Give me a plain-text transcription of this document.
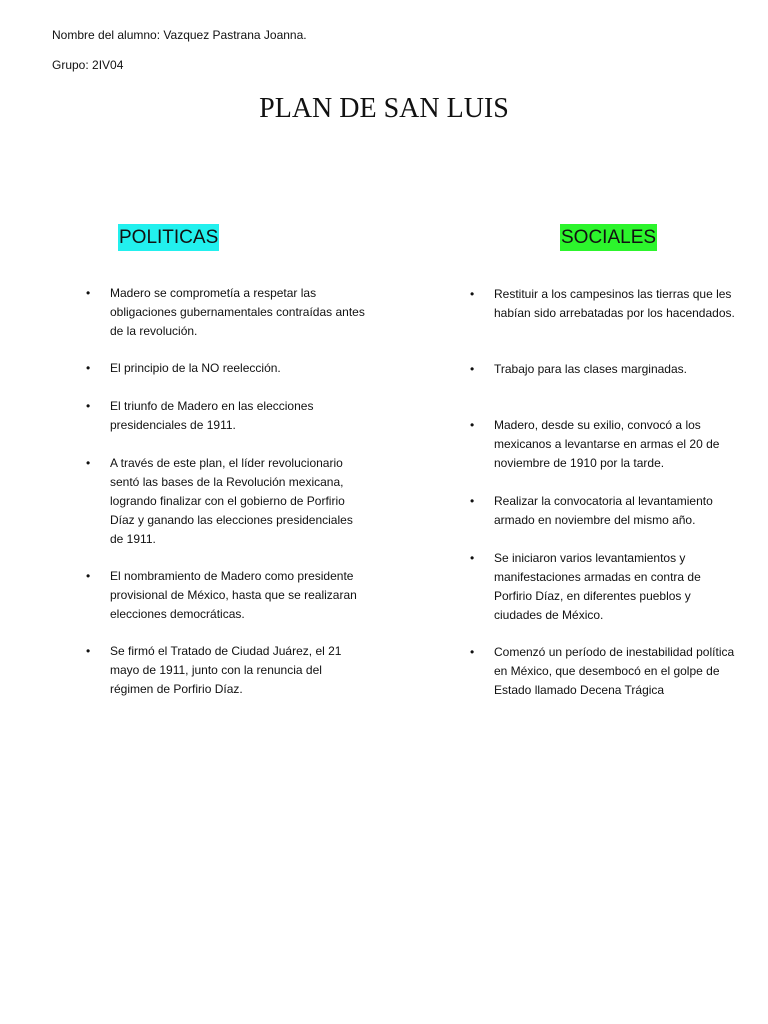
Nombre del alumno: Vazquez Pastrana Joanna.
Grupo: 2IV04
PLAN DE SAN LUIS
POLITICAS	SOCIALES
•	Madero se comprometía a respetar las obligaciones gubernamentales contraídas antes de la revolución.
•	El principio de la NO reelección.
•	El triunfo de Madero en las elecciones presidenciales de 1911.
•	A través de este plan, el líder revolucionario sentó las bases de la Revolución mexicana, logrando finalizar con el gobierno de Porfirio Díaz y ganando las elecciones presidenciales de 1911.
•	El nombramiento de Madero como presidente provisional de México, hasta que se realizaran elecciones democráticas.
•	Se firmó el Tratado de Ciudad Juárez, el 21 mayo de 1911, junto con la renuncia del régimen de Porfirio Díaz.
•	Restituir a los campesinos las tierras que les habían sido arrebatadas por los hacendados.
•	Trabajo para las clases marginadas.
•	Madero, desde su exilio, convocó a los mexicanos a levantarse en armas el 20 de noviembre de 1910 por la tarde.
•	Realizar la convocatoria al levantamiento armado en noviembre del mismo año.
•	Se iniciaron varios levantamientos y manifestaciones armadas en contra de Porfirio Díaz, en diferentes pueblos y ciudades de México.
•	Comenzó un período de inestabilidad política en México, que desembocó en el golpe de Estado llamado Decena Trágica
